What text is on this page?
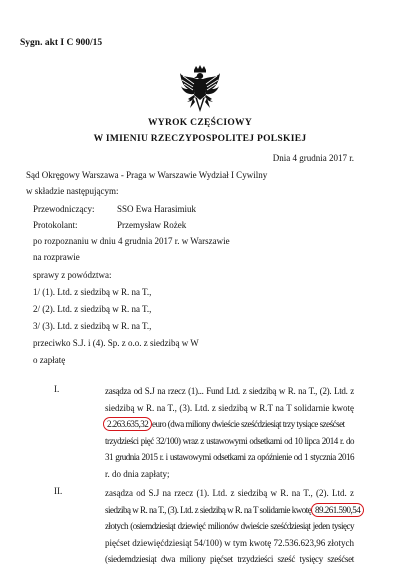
Sygn. akt I C 900/15
WYROK CZĘŚCIOWY
W IMIENIU RZECZYPOSPOLITEJ POLSKIEJ
Dnia 4 grudnia 2017 r.
Sąd Okręgowy Warszawa - Praga w Warszawie Wydział I Cywilny
w składzie następującym:
Przewodniczący:	SSO Ewa Harasimiuk
Protokolant:	Przemysław Rożek
po rozpoznaniu w dniu 4 grudnia 2017 r. w Warszawie
na rozprawie
sprawy z powództwa:
1/ (1). Ltd. z siedzibą w R. na T.,
2/ (2). Ltd. z siedzibą w R. na T.,
3/ (3). Ltd. z siedzibą w R. na T.,
przeciwko S.J. i (4). Sp. z o.o. z siedzibą w W
o zapłatę
I.	zasądza od S.J na rzecz (1)... Fund Ltd. z siedzibą w R. na T., (2). Ltd. z
siedzibą w R. na T., (3). Ltd. z siedzibą w R.T na T solidarnie kwotę
2.263.635,32 euro (dwa miliony dwieście sześćdziesiąt trzy tysiące sześćset
trzydzieści pięć 32/100) wraz z ustawowymi odsetkami od 10 lipca 2014 r. do
31 grudnia 2015 r. i ustawowymi odsetkami za opóźnienie od 1 stycznia 2016
r. do dnia zapłaty;
II.	zasądza od S.J na rzecz (1). Ltd. z siedzibą w R. na T., (2). Ltd. z
siedzibą w R. na T., (3). Ltd. z siedzibą w R. na T solidarnie kwotę 89.261.590,54
złotych (osiemdziesiąt dziewięć milionów dwieście sześćdziesiąt jeden tysięcy
pięćset dziewięćdziesiąt 54/100) w tym kwotę 72.536.623,96 złotych
(siedemdziesiąt dwa miliony pięćset trzydzieści sześć tysięcy sześćset
